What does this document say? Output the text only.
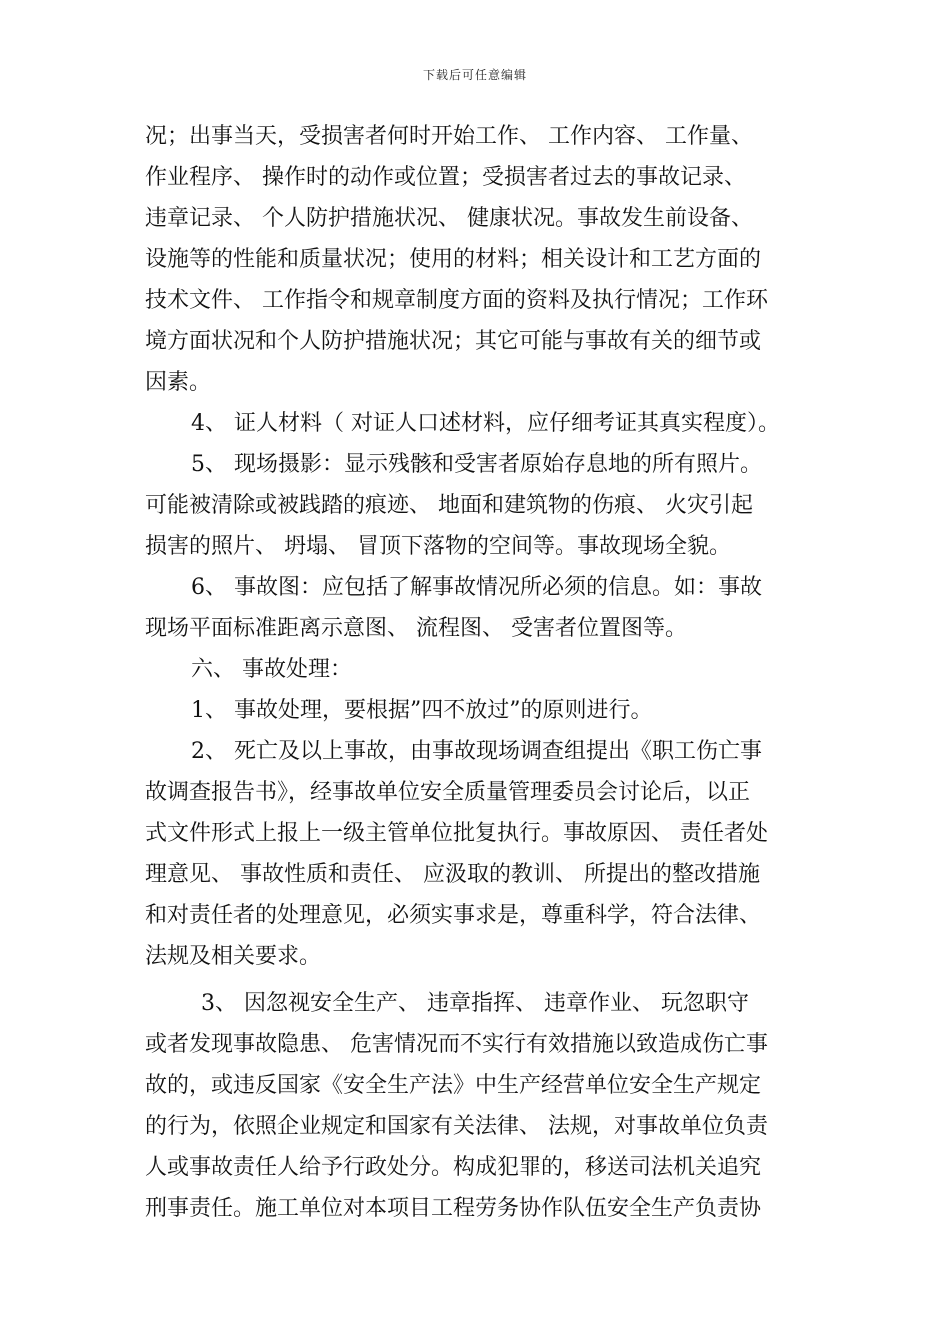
下载后可任意编辑
况；出事当天，受损害者何时开始工作、 工作内容、 工作量、
作业程序、 操作时的动作或位置；受损害者过去的事故记录、
违章记录、 个人防护措施状况、 健康状况。事故发生前设备、
设施等的性能和质量状况；使用的材料；相关设计和工艺方面的
技术文件、 工作指令和规章制度方面的资料及执行情况；工作环
境方面状况和个人防护措施状况；其它可能与事故有关的细节或
因素。
4、 证人材料（ 对证人口述材料，应仔细考证其真实程度）。
5、 现场摄影：显示残骸和受害者原始存息地的所有照片。
可能被清除或被践踏的痕迹、 地面和建筑物的伤痕、 火灾引起
损害的照片、 坍塌、 冒顶下落物的空间等。事故现场全貌。
6、 事故图：应包括了解事故情况所必须的信息。如：事故
现场平面标准距离示意图、 流程图、 受害者位置图等。
六、 事故处理：
1、 事故处理，要根据”四不放过”的原则进行。
2、 死亡及以上事故，由事故现场调查组提出《职工伤亡事
故调查报告书》，经事故单位安全质量管理委员会讨论后，以正
式文件形式上报上一级主管单位批复执行。事故原因、 责任者处
理意见、 事故性质和责任、 应汲取的教训、 所提出的整改措施
和对责任者的处理意见，必须实事求是，尊重科学，符合法律、
法规及相关要求。
3、 因忽视安全生产、 违章指挥、 违章作业、 玩忽职守
或者发现事故隐患、 危害情况而不实行有效措施以致造成伤亡事
故的，或违反国家《安全生产法》中生产经营单位安全生产规定
的行为，依照企业规定和国家有关法律、 法规，对事故单位负责
人或事故责任人给予行政处分。构成犯罪的，移送司法机关追究
刑事责任。施工单位对本项目工程劳务协作队伍安全生产负责协
